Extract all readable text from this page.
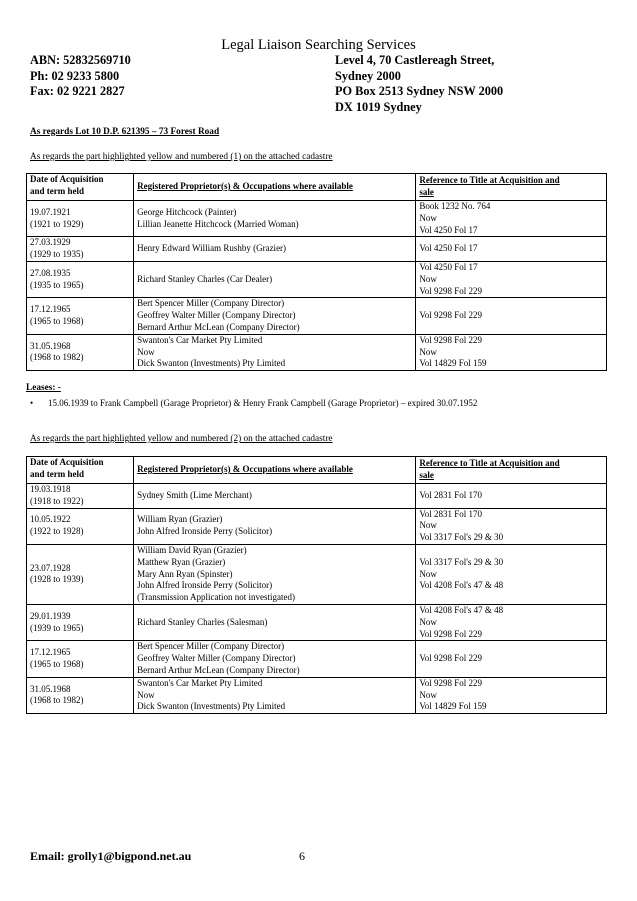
Legal Liaison Searching Services
ABN: 52832569710
Ph: 02 9233 5800
Fax: 02 9221 2827
Level 4, 70 Castlereagh Street,
Sydney 2000
PO Box 2513 Sydney NSW 2000
DX 1019 Sydney
As regards Lot 10 D.P. 621395 – 73 Forest Road
As regards the part highlighted yellow and numbered (1) on the attached cadastre
Date of Acquisition
and term held	Registered Proprietor(s) & Occupations where available	Reference to Title at Acquisition and
sale

19.07.1921
(1921 to 1929)	George Hitchcock (Painter)
Lillian Jeanette Hitchcock (Married Woman)	Book 1232 No. 764
Now
Vol 4250 Fol 17

27.03.1929
(1929 to 1935)	Henry Edward William Rushby (Grazier)	Vol 4250 Fol 17

27.08.1935
(1935 to 1965)	Richard Stanley Charles (Car Dealer)	Vol 4250 Fol 17
Now
Vol 9298 Fol 229

17.12.1965
(1965 to 1968)	Bert Spencer Miller (Company Director)
Geoffrey Walter Miller (Company Director)
Bernard Arthur McLean (Company Director)	Vol 9298 Fol 229

31.05.1968
(1968 to 1982)	Swanton's Car Market Pty Limited
Now
Dick Swanton (Investments) Pty Limited	Vol 9298 Fol 229
Now
Vol 14829 Fol 159
Leases: -
• 15.06.1939 to Frank Campbell (Garage Proprietor) & Henry Frank Campbell (Garage Proprietor) – expired 30.07.1952
As regards the part highlighted yellow and numbered (2) on the attached cadastre
Date of Acquisition
and term held	Registered Proprietor(s) & Occupations where available	Reference to Title at Acquisition and
sale

19.03.1918
(1918 to 1922)	Sydney Smith (Lime Merchant)	Vol 2831 Fol 170

10.05.1922
(1922 to 1928)	William Ryan (Grazier)
John Alfred Ironside Perry (Solicitor)	Vol 2831 Fol 170
Now
Vol 3317 Fol's 29 & 30

23.07.1928
(1928 to 1939)	William David Ryan (Grazier)
Matthew Ryan (Grazier)
Mary Ann Ryan (Spinster)
John Alfred Ironside Perry (Solicitor)
(Transmission Application not investigated)	Vol 3317 Fol's 29 & 30
Now
Vol 4208 Fol's 47 & 48

29.01.1939
(1939 to 1965)	Richard Stanley Charles (Salesman)	Vol 4208 Fol's 47 & 48
Now
Vol 9298 Fol 229

17.12.1965
(1965 to 1968)	Bert Spencer Miller (Company Director)
Geoffrey Walter Miller (Company Director)
Bernard Arthur McLean (Company Director)	Vol 9298 Fol 229

31.05.1968
(1968 to 1982)	Swanton's Car Market Pty Limited
Now
Dick Swanton (Investments) Pty Limited	Vol 9298 Fol 229
Now
Vol 14829 Fol 159
Email: grolly1@bigpond.net.au	6
